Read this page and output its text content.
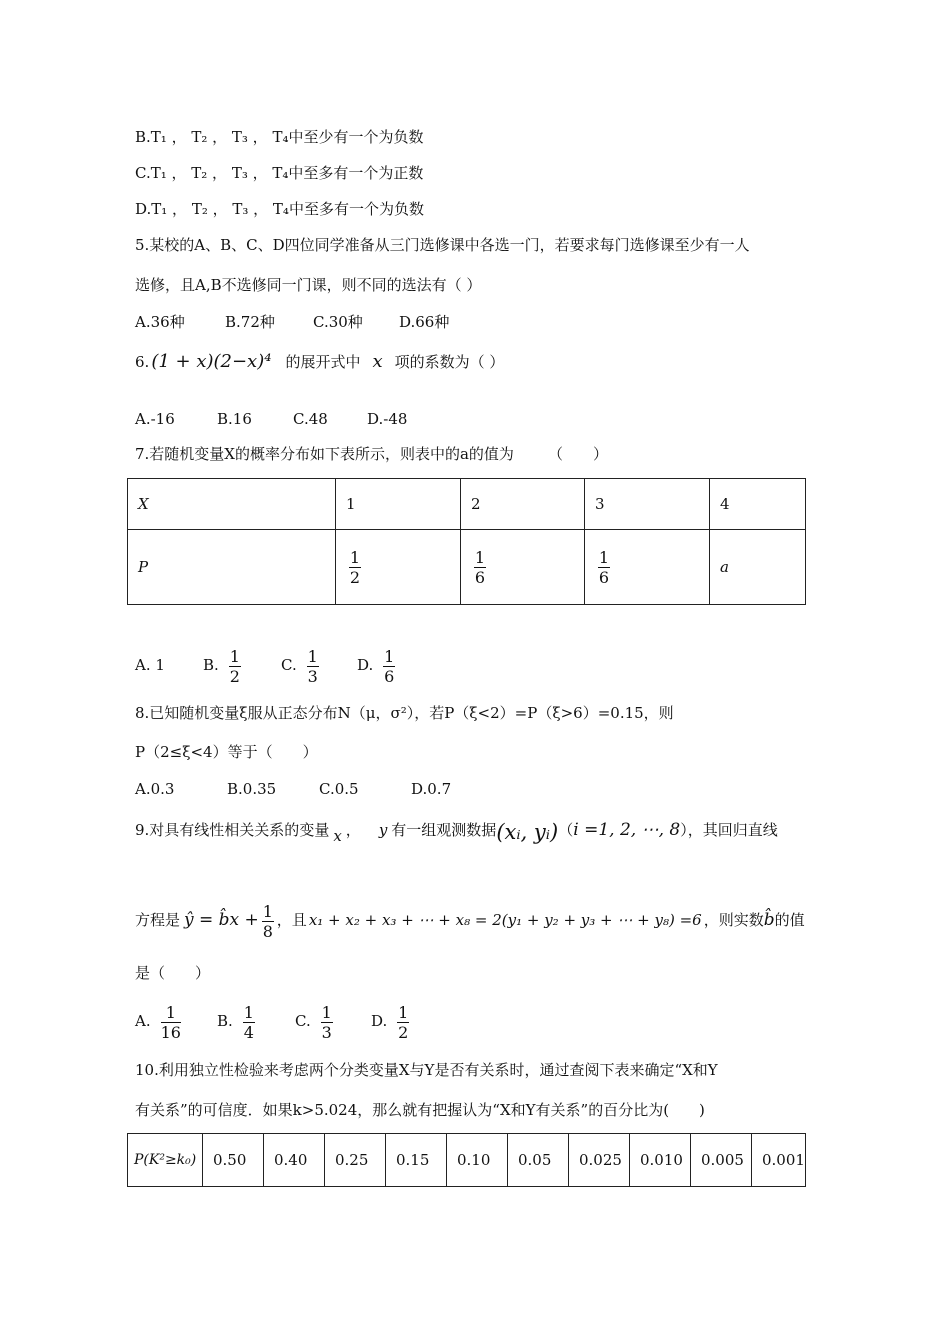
B.T₁ ， T₂ ， T₃ ， T₄中至少有一个为负数
C.T₁ ， T₂ ， T₃ ， T₄中至多有一个为正数
D.T₁ ， T₂ ， T₃ ， T₄中至多有一个为负数
5.某校的A、B、C、D四位同学准备从三门选修课中各选一门，若要求每门选修课至少有一人
选修，且A,B不选修同一门课，则不同的选法有（ ）
A.36种	B.72种	C.30种 D.66种
6. (1 + x)(2−x)⁴ 的展开式中 x 项的系数为（ ）
A.-16	B.16	C.48	D.-48
7.若随机变量X的概率分布如下表所示，则表中的a的值为 （　　）
X	1	2	3	4
P	$\frac{1}{2}$	$\frac{1}{6}$	$\frac{1}{6}$	a
A. 1	B. $\frac{1}{2}$	C. $\frac{1}{3}$	D. $\frac{1}{6}$
8.已知随机变量ξ服从正态分布N（μ，σ²），若P（ξ<2）=P（ξ>6）=0.15，则
P（2≤ξ<4）等于（　　）
A.0.3	B.0.35	C.0.5	D.0.7
9.对具有线性相关关系的变量 x ， y 有一组观测数据(xᵢ, yᵢ)（i =1, 2, ⋯, 8），其回归直线
方程是 ŷ = b̂x + $\frac{1}{8}$ ，且 x₁ + x₂ + x₃ + ⋯ + x₈ = 2(y₁ + y₂ + y₃ + ⋯ + y₈) =6 ，则实数b̂的值
是（　　）
A. $\frac{1}{16} B$. $\frac{1}{4}$	C. $\frac{1}{3}$	D. $\frac{1}{2}$
10.利用独立性检验来考虑两个分类变量X与Y是否有关系时，通过查阅下表来确定“X和Y
有关系”的可信度．如果k>5.024，那么就有把握认为“X和Y有关系”的百分比为(　　)
P(K²≥k₀)	0.50	0.40	0.25	0.15	0.10	0.05	0.025	0.010	0.005	0.001
